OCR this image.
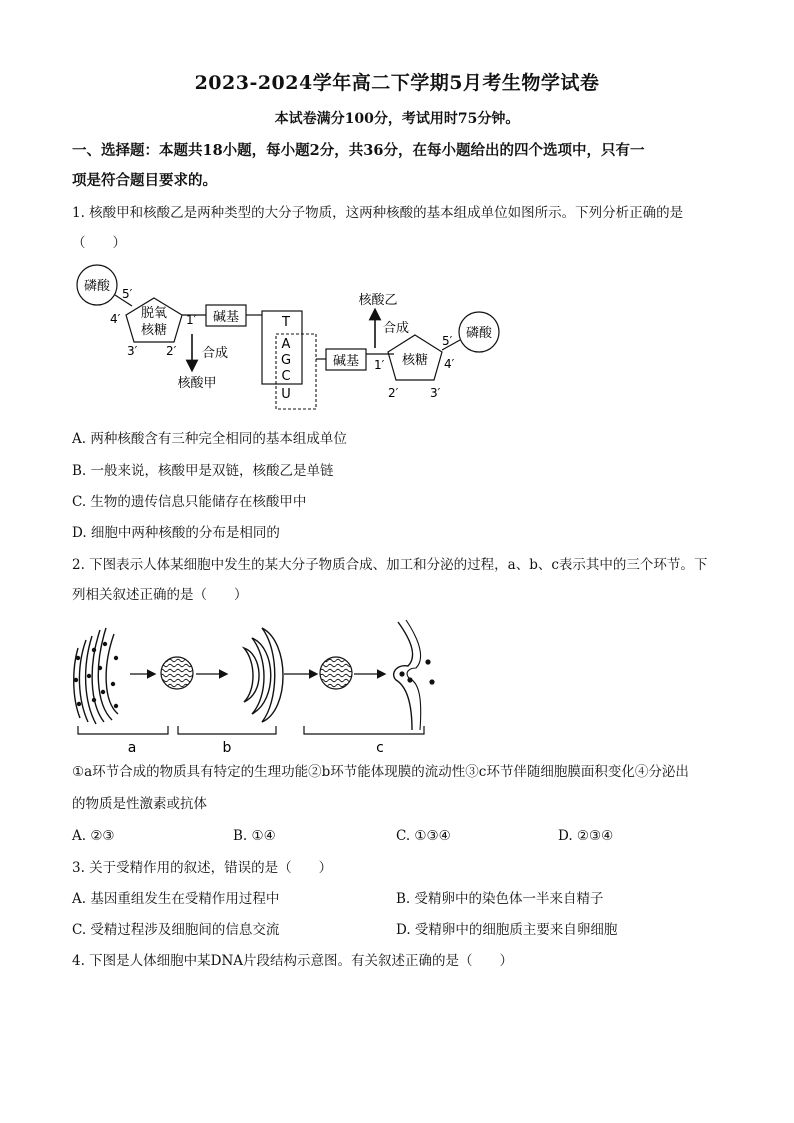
2023-2024学年高二下学期5月考生物学试卷
本试卷满分100分，考试用时75分钟。
一、选择题：本题共18小题，每小题2分，共36分，在每小题给出的四个选项中，只有一
项是符合题目要求的。
1. 核酸甲和核酸乙是两种类型的大分子物质，这两种核酸的基本组成单位如图所示。下列分析正确的是
（　　）
磷酸
脱氧
核糖
5′
4′	1′
3′ 2′
碱基
合成
核酸甲
T
A
G
C
U
碱基	核糖
1′
2′	3′
4′
5′ 磷酸
合成
核酸乙
A. 两种核酸含有三种完全相同的基本组成单位
B. 一般来说，核酸甲是双链，核酸乙是单链
C. 生物的遗传信息只能储存在核酸甲中
D. 细胞中两种核酸的分布是相同的
2. 下图表示人体某细胞中发生的某大分子物质合成、加工和分泌的过程，a、b、c表示其中的三个环节。下
列相关叙述正确的是（　　）
a	b	c
①a环节合成的物质具有特定的生理功能②b环节能体现膜的流动性③c环节伴随细胞膜面积变化④分泌出
的物质是性激素或抗体
A. ②③	B. ①④	C. ①③④	D. ②③④
3. 关于受精作用的叙述，错误的是（　　）
A. 基因重组发生在受精作用过程中	B. 受精卵中的染色体一半来自精子
C. 受精过程涉及细胞间的信息交流	D. 受精卵中的细胞质主要来自卵细胞
4. 下图是人体细胞中某DNA片段结构示意图。有关叙述正确的是（　　）
